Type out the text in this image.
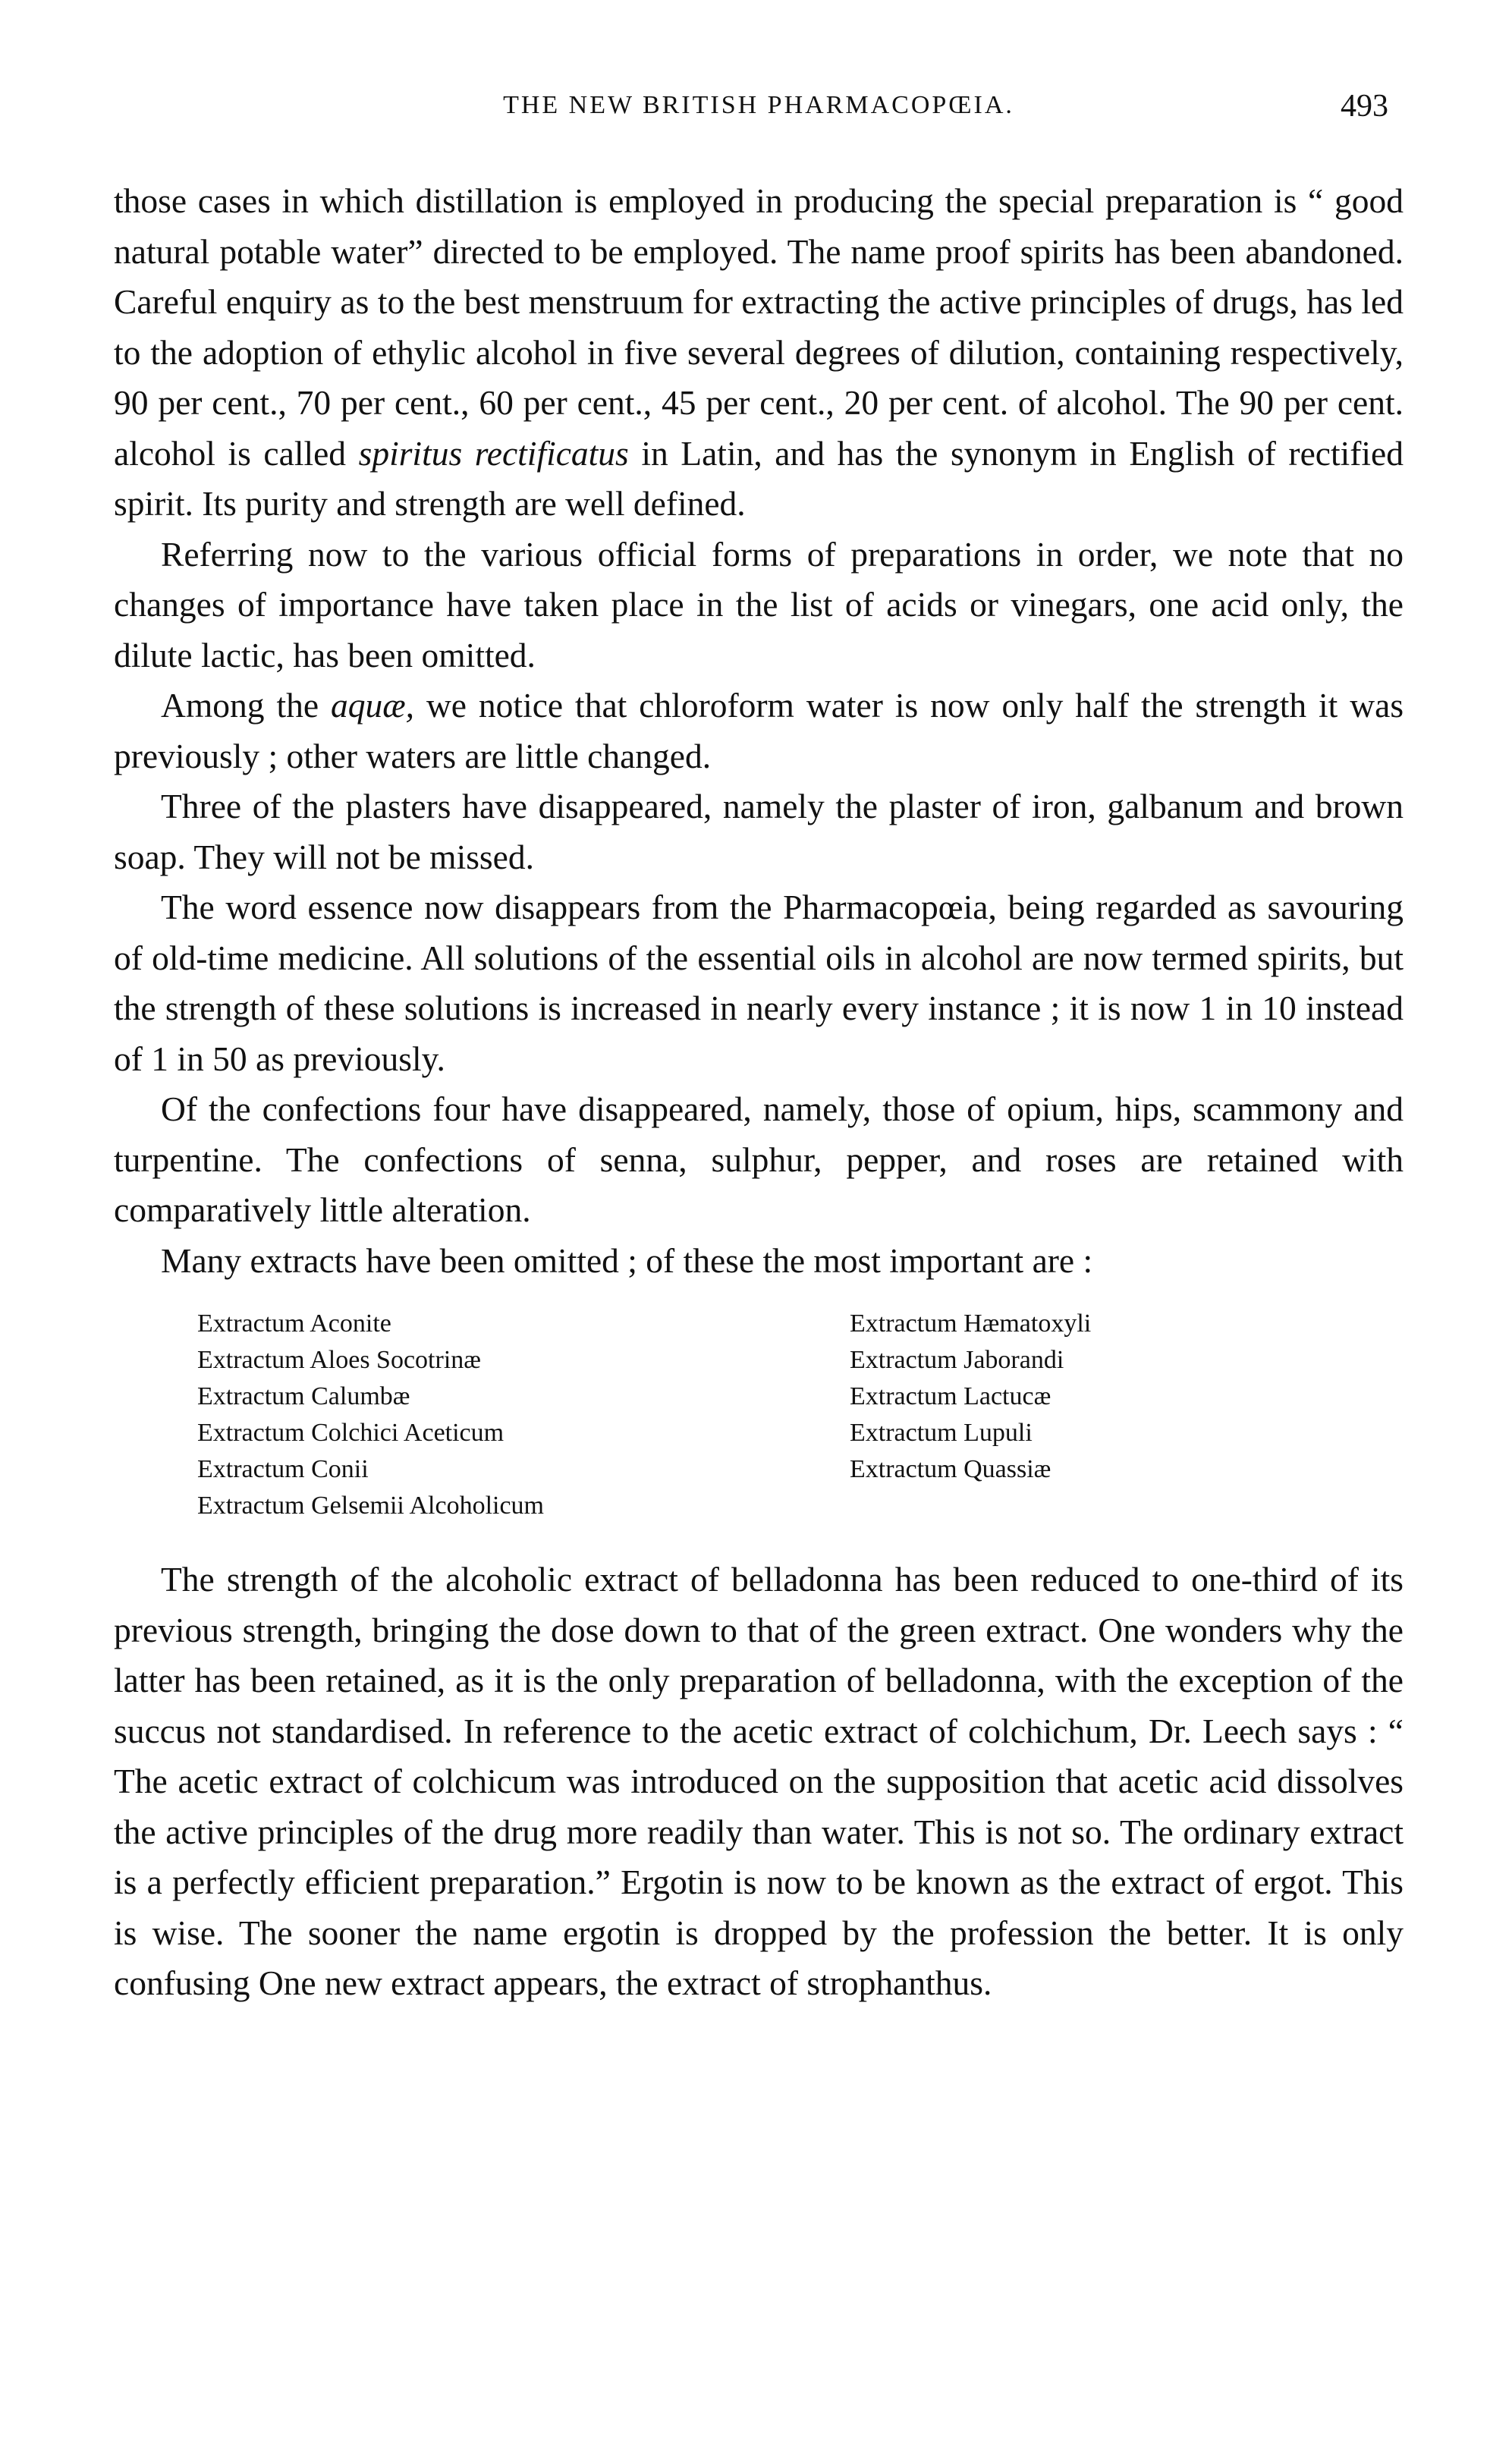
THE NEW BRITISH PHARMACOPŒIA.	493

those cases in which distillation is employed in producing the special preparation is “ good natural potable water” directed to be employed. The name proof spirits has been abandoned. Careful enquiry as to the best menstruum for extracting the active principles of drugs, has led to the adoption of ethylic alcohol in five several degrees of dilution, containing respectively, 90 per cent., 70 per cent., 60 per cent., 45 per cent., 20 per cent. of alcohol. The 90 per cent. alcohol is called spiritus rectificatus in Latin, and has the synonym in English of rectified spirit. Its purity and strength are well defined.

Referring now to the various official forms of preparations in order, we note that no changes of importance have taken place in the list of acids or vinegars, one acid only, the dilute lactic, has been omitted.

Among the aquæ, we notice that chloroform water is now only half the strength it was previously ; other waters are little changed.

Three of the plasters have disappeared, namely the plaster of iron, galbanum and brown soap. They will not be missed.

The word essence now disappears from the Pharmacopœia, being regarded as savouring of old-time medicine. All solutions of the essential oils in alcohol are now termed spirits, but the strength of these solutions is increased in nearly every instance ; it is now 1 in 10 instead of 1 in 50 as previously.

Of the confections four have disappeared, namely, those of opium, hips, scammony and turpentine. The confections of senna, sulphur, pepper, and roses are retained with comparatively little alteration.

Many extracts have been omitted ; of these the most important are :

Extractum Aconite	Extractum Hæmatoxyli
Extractum Aloes Socotrinæ	Extractum Jaborandi
Extractum Calumbæ	Extractum Lactucæ
Extractum Colchici Aceticum	Extractum Lupuli
Extractum Conii	Extractum Quassiæ
Extractum Gelsemii Alcoholicum

The strength of the alcoholic extract of belladonna has been reduced to one-third of its previous strength, bringing the dose down to that of the green extract. One wonders why the latter has been retained, as it is the only preparation of belladonna, with the exception of the succus not standardised. In reference to the acetic extract of colchichum, Dr. Leech says : “ The acetic extract of colchicum was introduced on the supposition that acetic acid dissolves the active principles of the drug more readily than water. This is not so. The ordinary extract is a perfectly efficient preparation.” Ergotin is now to be known as the extract of ergot. This is wise. The sooner the name ergotin is dropped by the profession the better. It is only confusing One new extract appears, the extract of strophanthus.
